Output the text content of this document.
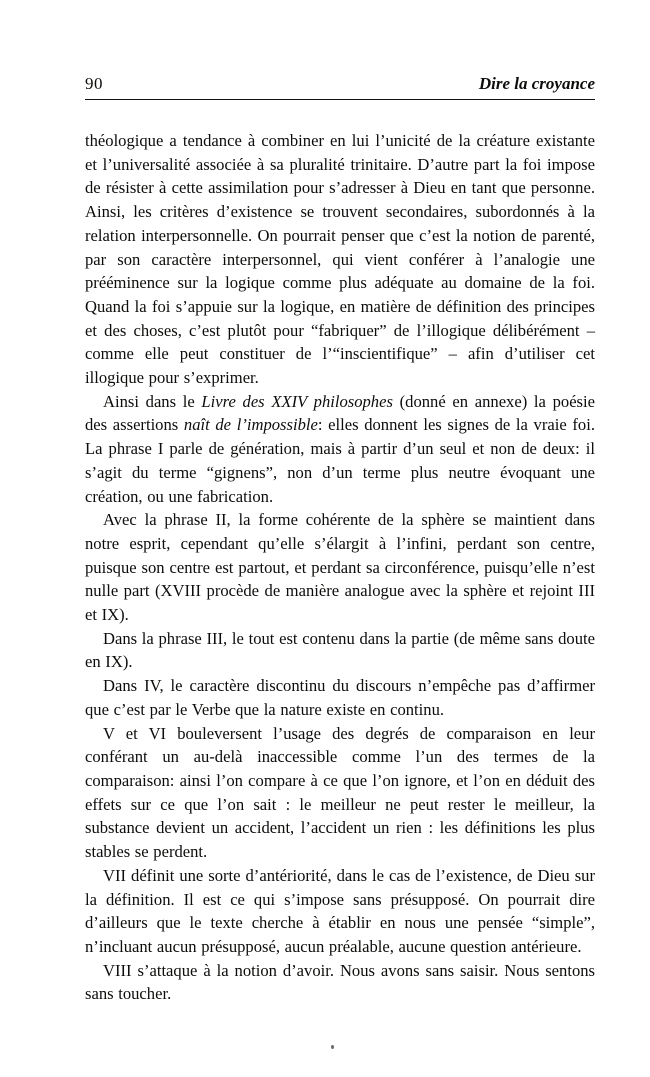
90	Dire la croyance

théologique a tendance à combiner en lui l’unicité de la créature existante et l’universalité associée à sa pluralité trinitaire. D’autre part la foi impose de résister à cette assimilation pour s’adresser à Dieu en tant que personne. Ainsi, les critères d’existence se trouvent secondaires, subordonnés à la relation interpersonnelle. On pourrait penser que c’est la notion de parenté, par son caractère interpersonnel, qui vient conférer à l’analogie une prééminence sur la logique comme plus adéquate au domaine de la foi. Quand la foi s’appuie sur la logique, en matière de définition des principes et des choses, c’est plutôt pour “fabriquer” de l’illogique délibérément – comme elle peut constituer de l’“inscientifique” – afin d’utiliser cet illogique pour s’exprimer.

Ainsi dans le Livre des XXIV philosophes (donné en annexe) la poésie des assertions naît de l’impossible: elles donnent les signes de la vraie foi. La phrase I parle de génération, mais à partir d’un seul et non de deux: il s’agit du terme “gignens”, non d’un terme plus neutre évoquant une création, ou une fabrication.

Avec la phrase II, la forme cohérente de la sphère se maintient dans notre esprit, cependant qu’elle s’élargit à l’infini, perdant son centre, puisque son centre est partout, et perdant sa circonférence, puisqu’elle n’est nulle part (XVIII procède de manière analogue avec la sphère et rejoint III et IX).

Dans la phrase III, le tout est contenu dans la partie (de même sans doute en IX).

Dans IV, le caractère discontinu du discours n’empêche pas d’affirmer que c’est par le Verbe que la nature existe en continu.

V et VI bouleversent l’usage des degrés de comparaison en leur conférant un au-delà inaccessible comme l’un des termes de la comparaison: ainsi l’on compare à ce que l’on ignore, et l’on en déduit des effets sur ce que l’on sait : le meilleur ne peut rester le meilleur, la substance devient un accident, l’accident un rien : les définitions les plus stables se perdent.

VII définit une sorte d’antériorité, dans le cas de l’existence, de Dieu sur la définition. Il est ce qui s’impose sans présupposé. On pourrait dire d’ailleurs que le texte cherche à établir en nous une pensée “simple”, n’incluant aucun présupposé, aucun préalable, aucune question antérieure.

VIII s’attaque à la notion d’avoir. Nous avons sans saisir. Nous sentons sans toucher.
